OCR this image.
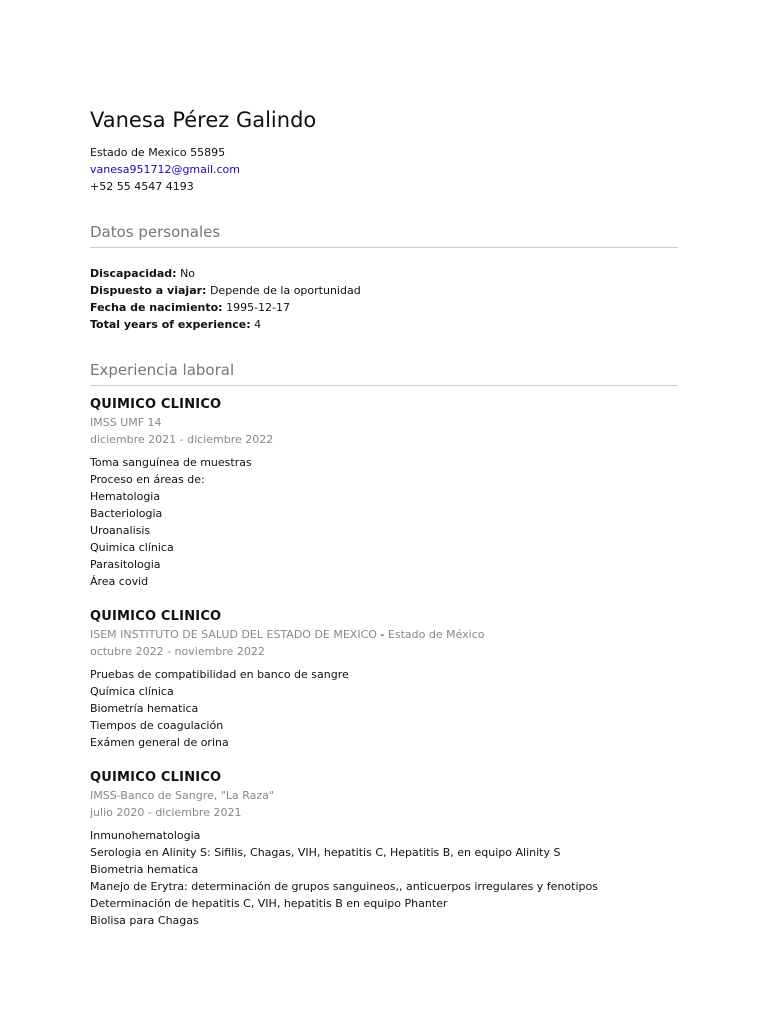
Vanesa Pérez Galindo
Estado de Mexico 55895
vanesa951712@gmail.com
+52 55 4547 4193
Datos personales
Discapacidad: No
Dispuesto a viajar: Depende de la oportunidad
Fecha de nacimiento: 1995-12-17
Total years of experience: 4
Experiencia laboral
QUIMICO CLINICO
IMSS UMF 14
diciembre 2021 - diciembre 2022
Toma sanguínea de muestras
Proceso en áreas de:
Hematologia
Bacteriologia
Uroanalisis
Quimica clínica
Parasitologia
Área covid
QUIMICO CLINICO
ISEM INSTITUTO DE SALUD DEL ESTADO DE MEXICO - Estado de México
octubre 2022 - noviembre 2022
Pruebas de compatibilidad en banco de sangre
Química clínica
Biometría hematica
Tiempos de coagulación
Exámen general de orina
QUIMICO CLINICO
IMSS-Banco de Sangre, "La Raza"
julio 2020 - diciembre 2021
Inmunohematologia
Serologia en Alinity S: Sifilis, Chagas, VIH, hepatitis C, Hepatitis B, en equipo Alinity S
Biometria hematica
Manejo de Erytra: determinación de grupos sanguineos,, anticuerpos irregulares y fenotipos
Determinación de hepatitis C, VIH, hepatitis B en equipo Phanter
Biolisa para Chagas
